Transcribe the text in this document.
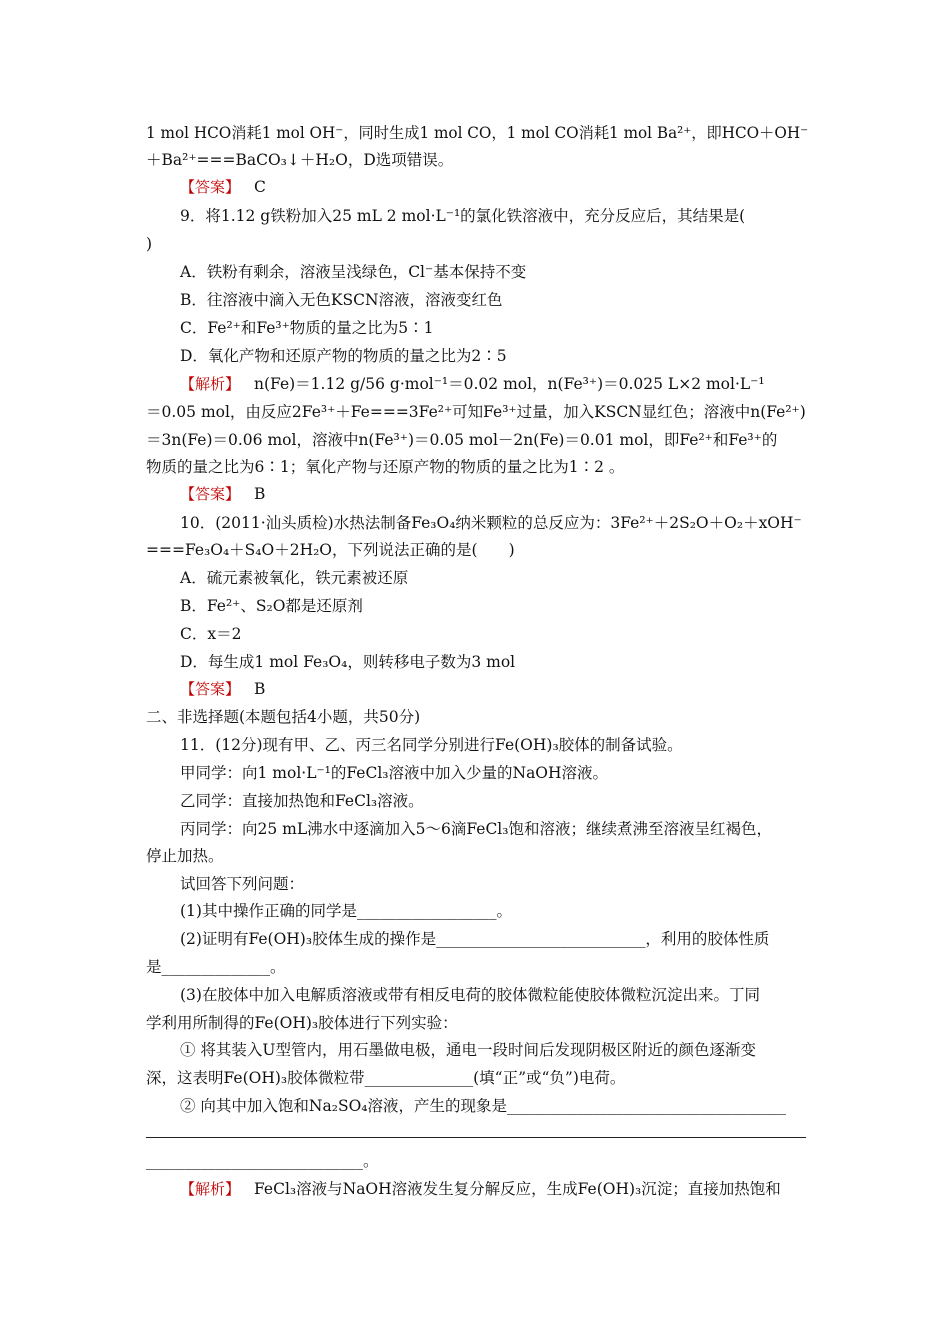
1 mol HCO消耗1 mol OH⁻，同时生成1 mol CO，1 mol CO消耗1 mol Ba²⁺，即HCO＋OH⁻
＋Ba²⁺===BaCO₃↓＋H₂O，D选项错误。
【答案】 C
9．将1.12 g铁粉加入25 mL 2 mol·L⁻¹的氯化铁溶液中，充分反应后，其结果是(
)
A．铁粉有剩余，溶液呈浅绿色，Cl⁻基本保持不变
B．往溶液中滴入无色KSCN溶液，溶液变红色
C．Fe²⁺和Fe³⁺物质的量之比为5∶1
D．氧化产物和还原产物的物质的量之比为2∶5
【解析】 n(Fe)＝1.12 g/56 g·mol⁻¹＝0.02 mol，n(Fe³⁺)＝0.025 L×2 mol·L⁻¹
＝0.05 mol，由反应2Fe³⁺＋Fe===3Fe²⁺可知Fe³⁺过量，加入KSCN显红色；溶液中n(Fe²⁺)
＝3n(Fe)＝0.06 mol，溶液中n(Fe³⁺)＝0.05 mol－2n(Fe)＝0.01 mol，即Fe²⁺和Fe³⁺的
物质的量之比为6∶1；氧化产物与还原产物的物质的量之比为1∶2 。
【答案】 B
10．(2011·汕头质检)水热法制备Fe₃O₄纳米颗粒的总反应为：3Fe²⁺＋2S₂O＋O₂＋xOH⁻
===Fe₃O₄＋S₄O＋2H₂O，下列说法正确的是(　　)
A．硫元素被氧化，铁元素被还原
B．Fe²⁺、S₂O都是还原剂
C．x＝2
D．每生成1 mol Fe₃O₄，则转移电子数为3 mol
【答案】 B
二、非选择题(本题包括4小题，共50分)
11．(12分)现有甲、乙、丙三名同学分别进行Fe(OH)₃胶体的制备试验。
甲同学：向1 mol·L⁻¹的FeCl₃溶液中加入少量的NaOH溶液。
乙同学：直接加热饱和FeCl₃溶液。
丙同学：向25 mL沸水中逐滴加入5～6滴FeCl₃饱和溶液；继续煮沸至溶液呈红褐色，
停止加热。
试回答下列问题：
(1)其中操作正确的同学是__________________。
(2)证明有Fe(OH)₃胶体生成的操作是___________________________，利用的胶体性质
是______________。
(3)在胶体中加入电解质溶液或带有相反电荷的胶体微粒能使胶体微粒沉淀出来。丁同
学利用所制得的Fe(OH)₃胶体进行下列实验：
① 将其装入U型管内，用石墨做电极，通电一段时间后发现阴极区附近的颜色逐渐变
深，这表明Fe(OH)₃胶体微粒带______________(填“正”或“负”)电荷。
② 向其中加入饱和Na₂SO₄溶液，产生的现象是____________________________________
____________________________。
【解析】 FeCl₃溶液与NaOH溶液发生复分解反应，生成Fe(OH)₃沉淀；直接加热饱和
